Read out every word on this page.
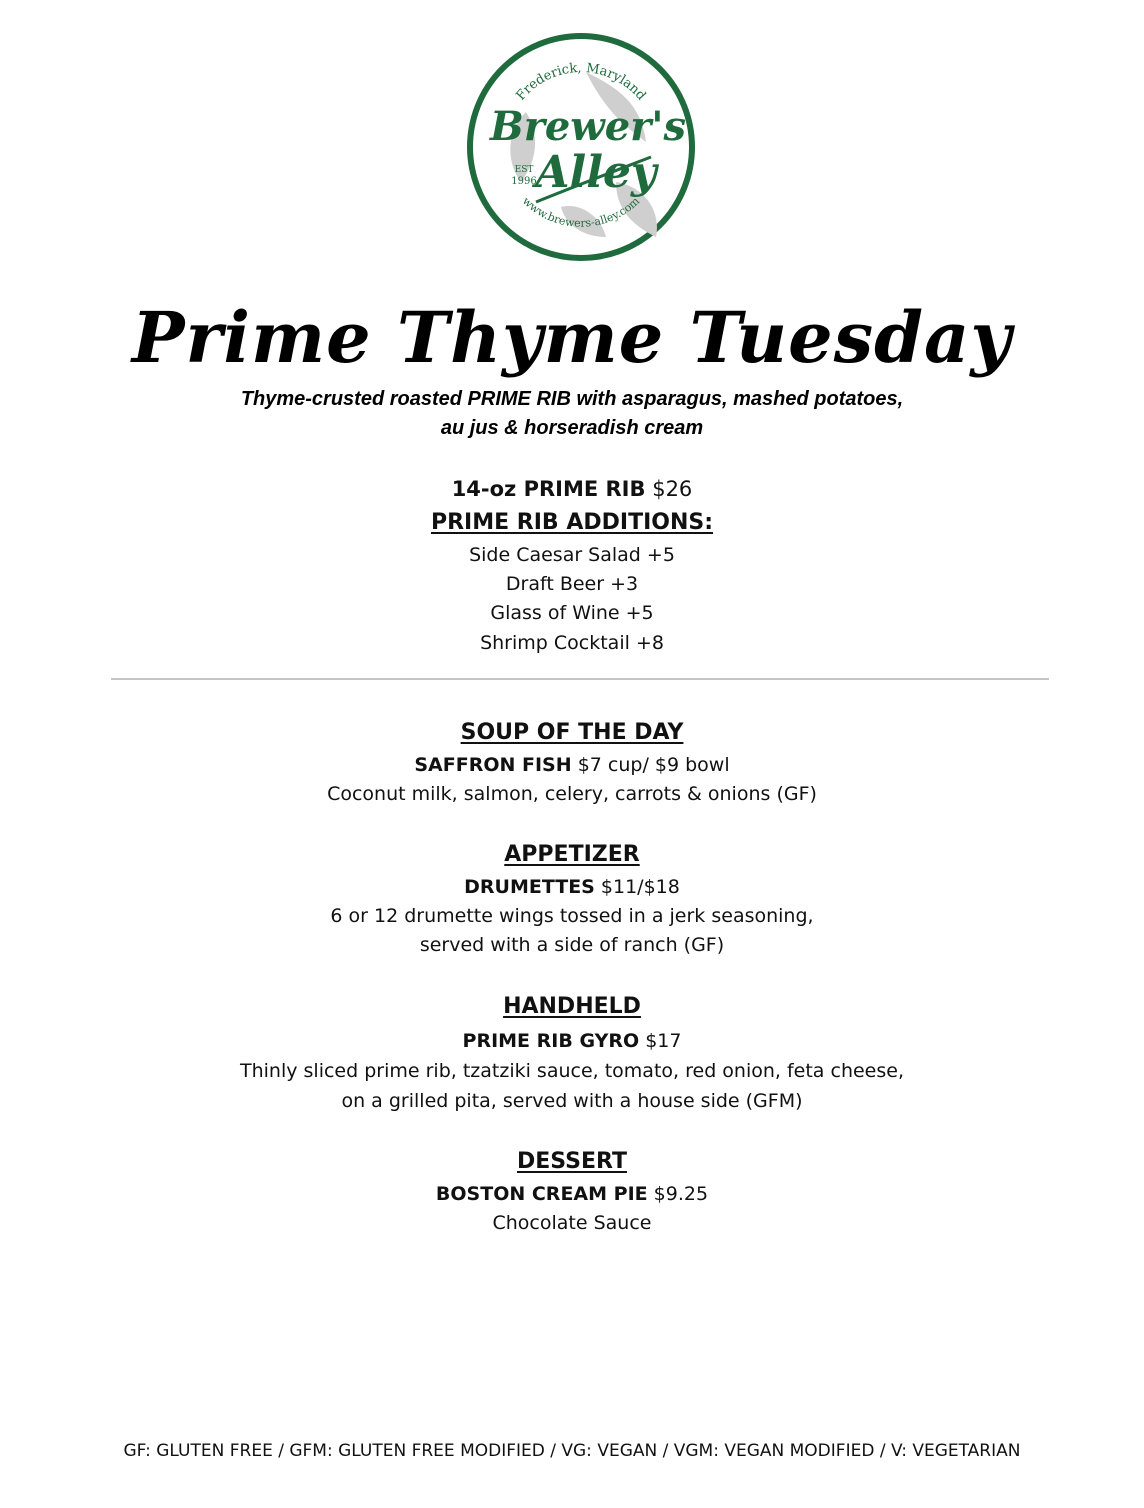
Frederick, Maryland
www.brewers-alley.com
Brewer's
Alley
EST
1996
Prime Thyme Tuesday
Thyme-crusted roasted PRIME RIB with asparagus, mashed potatoes,
au jus & horseradish cream
14-oz PRIME RIB $26
PRIME RIB ADDITIONS:
Side Caesar Salad +5
Draft Beer +3
Glass of Wine +5
Shrimp Cocktail +8
SOUP OF THE DAY
SAFFRON FISH $7 cup/ $9 bowl
Coconut milk, salmon, celery, carrots & onions (GF)
APPETIZER
DRUMETTES $11/$18
6 or 12 drumette wings tossed in a jerk seasoning,
served with a side of ranch (GF)
HANDHELD
PRIME RIB GYRO $17
Thinly sliced prime rib, tzatziki sauce, tomato, red onion, feta cheese,
on a grilled pita, served with a house side (GFM)
DESSERT
BOSTON CREAM PIE $9.25
Chocolate Sauce
GF: GLUTEN FREE / GFM: GLUTEN FREE MODIFIED / VG: VEGAN / VGM: VEGAN MODIFIED / V: VEGETARIAN
